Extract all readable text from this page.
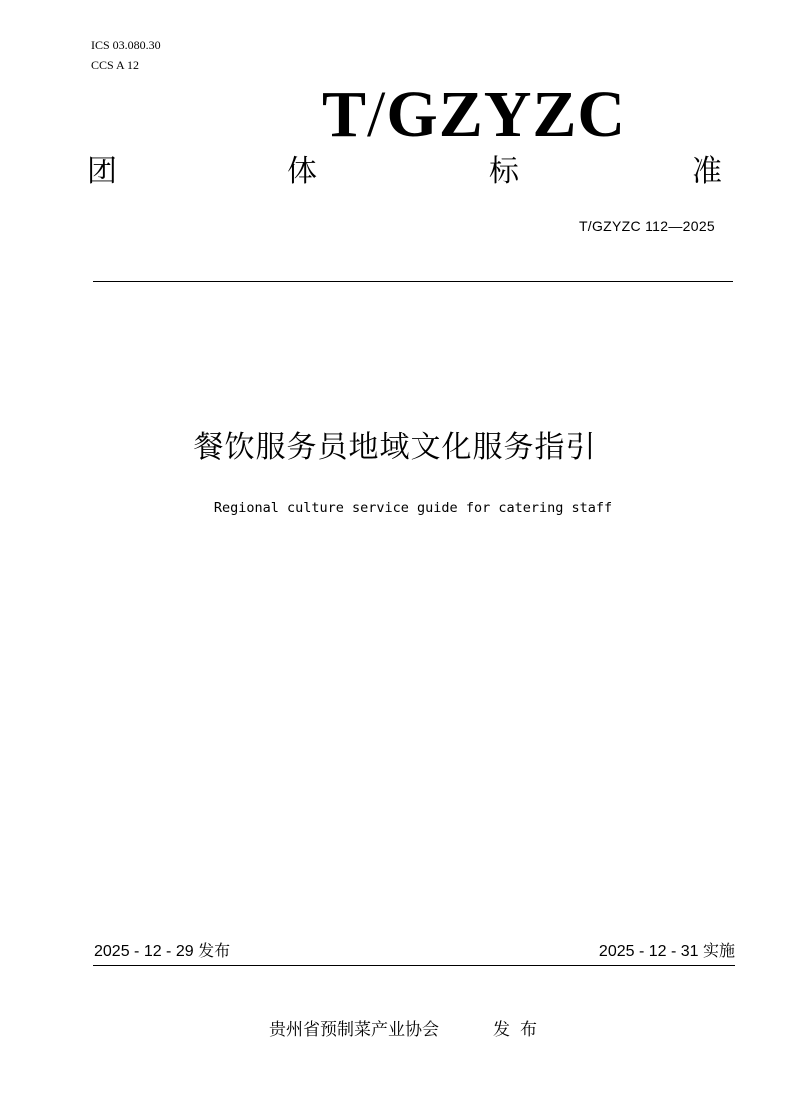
ICS 03.080.30
CCS A 12
T/GZYZC
团	体	标	准
T/GZYZC 112—2025
餐饮服务员地域文化服务指引
Regional culture service guide for catering staff
2025 - 12 - 29 发布	2025 - 12 - 31 实施
贵州省预制菜产业协会	发布
